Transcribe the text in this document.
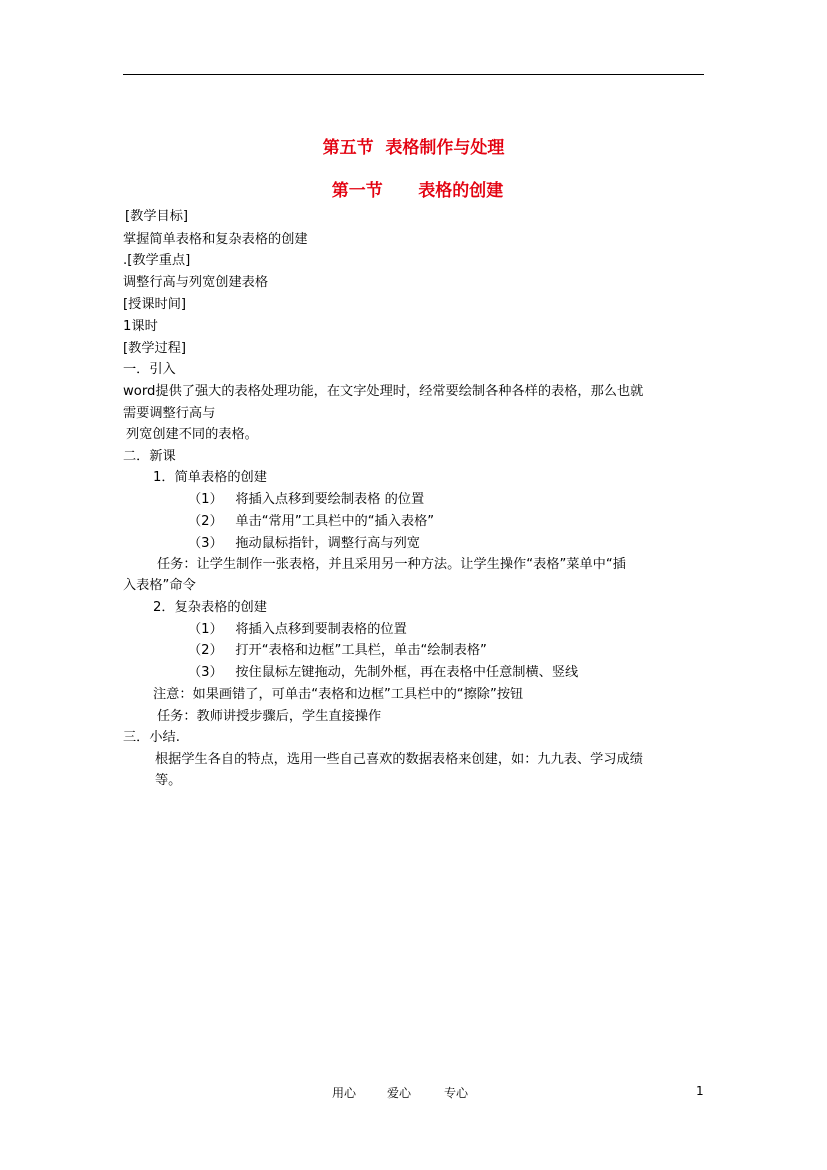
第五节  表格制作与处理
第一节      表格的创建
[教学目标]
掌握简单表格和复杂表格的创建
.[教学重点]
调整行高与列宽创建表格
[授课时间]
1课时
[教学过程]
一．引入
word提供了强大的表格处理功能，在文字处理时，经常要绘制各种各样的表格，那么也就
需要调整行高与
列宽创建不同的表格。
二．新课
1．简单表格的创建
（1）   将插入点移到要绘制表格 的位置
（2）   单击“常用”工具栏中的“插入表格”
（3）   拖动鼠标指针，调整行高与列宽
任务：让学生制作一张表格，并且采用另一种方法。让学生操作“表格”菜单中“插
入表格”命令
2．复杂表格的创建
（1）   将插入点移到要制表格的位置
（2）   打开“表格和边框”工具栏，单击“绘制表格”
（3）   按住鼠标左键拖动，先制外框，再在表格中任意制横、竖线
注意：如果画错了，可单击“表格和边框”工具栏中的“擦除”按钮
任务：教师讲授步骤后，学生直接操作
三．小结.
根据学生各自的特点，选用一些自己喜欢的数据表格来创建，如：九九表、学习成绩
等。
用心	爱心	专心	1
